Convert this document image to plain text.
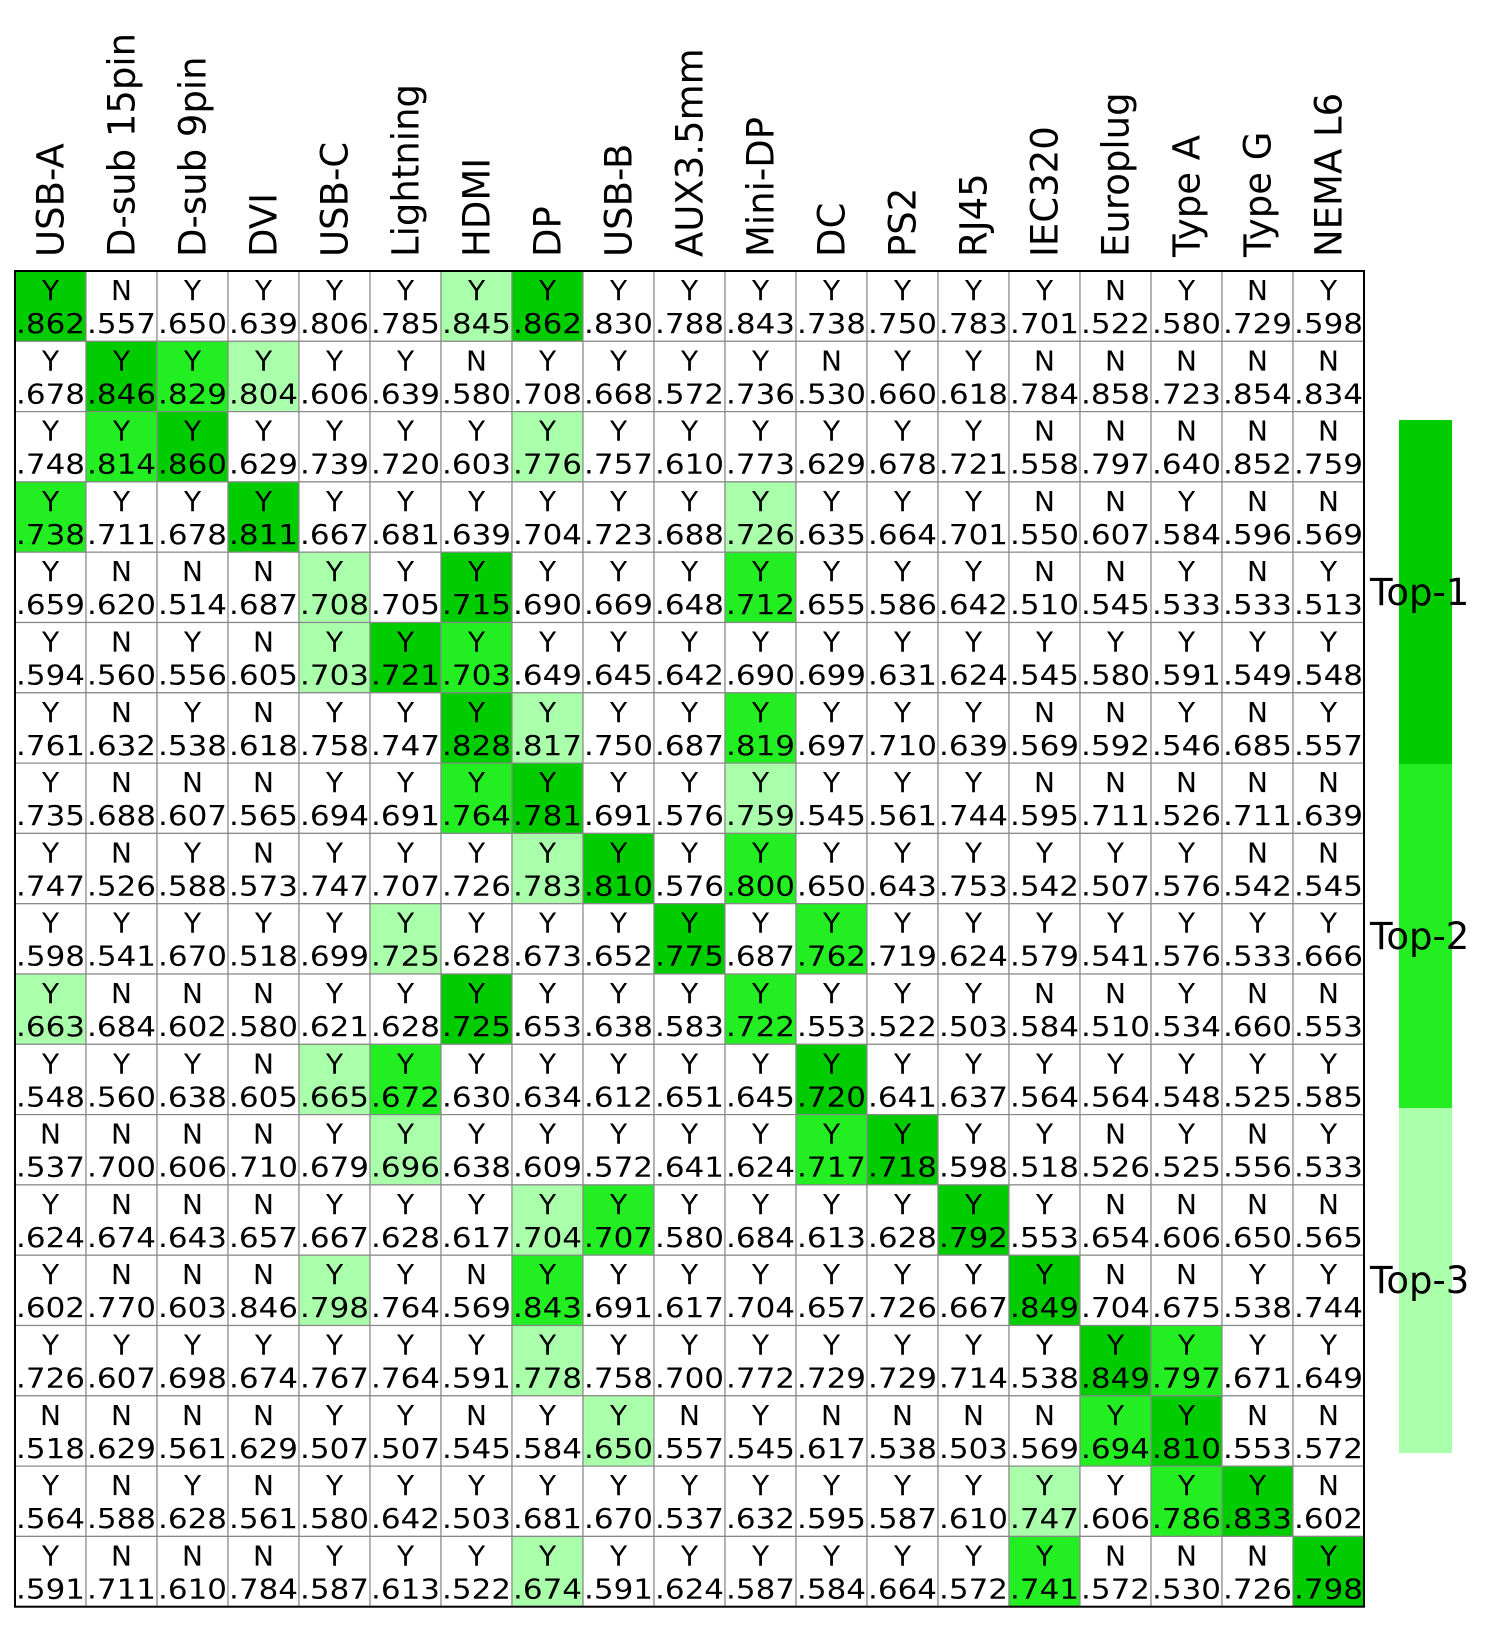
USB-A D-sub 15pin D-sub 9pin DVI USB-C Lightning HDMI DP USB-B AUX3.5mm Mini-DP DC PS2 RJ45 IEC320 Europlug Type A Type G NEMA L6
Y
.862
N
.557
Y
.650
Y
.639
Y
.806
Y
.785
Y
.845
Y
.862
Y
.830
Y
.788
Y
.843
Y
.738
Y
.750
Y
.783
Y
.701
N
.522
Y
.580
N
.729
Y
.598
Y
.678
Y
.846
Y
.829
Y
.804
Y
.606
Y
.639
N
.580
Y
.708
Y
.668
Y
.572
Y
.736
N
.530
Y
.660
Y
.618
N
.784
N
.858
N
.723
N
.854
N
.834
Y
.748
Y
.814
Y
.860
Y
.629
Y
.739
Y
.720
Y
.603
Y
.776
Y
.757
Y
.610
Y
.773
Y
.629
Y
.678
Y
.721
N
.558
N
.797
N
.640
N
.852
N
.759
Y
.738
Y
.711
Y
.678
Y
.811
Y
.667
Y
.681
Y
.639
Y
.704
Y
.723
Y
.688
Y
.726
Y
.635
Y
.664
Y
.701
N
.550
N
.607
Y
.584
N
.596
N
.569
Y
.659
N
.620
N
.514
N
.687
Y
.708
Y
.705
Y
.715
Y
.690
Y
.669
Y
.648
Y
.712
Y
.655
Y
.586
Y
.642
N
.510
N
.545
Y
.533
N
.533
Y
.513
Y
.594
N
.560
Y
.556
N
.605
Y
.703
Y
.721
Y
.703
Y
.649
Y
.645
Y
.642
Y
.690
Y
.699
Y
.631
Y
.624
Y
.545
Y
.580
Y
.591
Y
.549
Y
.548
Y
.761
N
.632
Y
.538
N
.618
Y
.758
Y
.747
Y
.828
Y
.817
Y
.750
Y
.687
Y
.819
Y
.697
Y
.710
Y
.639
N
.569
N
.592
Y
.546
N
.685
Y
.557
Y
.735
N
.688
N
.607
N
.565
Y
.694
Y
.691
Y
.764
Y
.781
Y
.691
Y
.576
Y
.759
Y
.545
Y
.561
Y
.744
N
.595
N
.711
N
.526
N
.711
N
.639
Y
.747
N
.526
Y
.588
N
.573
Y
.747
Y
.707
Y
.726
Y
.783
Y
.810
Y
.576
Y
.800
Y
.650
Y
.643
Y
.753
Y
.542
Y
.507
Y
.576
N
.542
N
.545
Y
.598
Y
.541
Y
.670
Y
.518
Y
.699
Y
.725
Y
.628
Y
.673
Y
.652
Y
.775
Y
.687
Y
.762
Y
.719
Y
.624
Y
.579
Y
.541
Y
.576
Y
.533
Y
.666
Y
.663
N
.684
N
.602
N
.580
Y
.621
Y
.628
Y
.725
Y
.653
Y
.638
Y
.583
Y
.722
Y
.553
Y
.522
Y
.503
N
.584
N
.510
Y
.534
N
.660
N
.553
Y
.548
Y
.560
Y
.638
N
.605
Y
.665
Y
.672
Y
.630
Y
.634
Y
.612
Y
.651
Y
.645
Y
.720
Y
.641
Y
.637
Y
.564
Y
.564
Y
.548
Y
.525
Y
.585
N
.537
N
.700
N
.606
N
.710
Y
.679
Y
.696
Y
.638
Y
.609
Y
.572
Y
.641
Y
.624
Y
.717
Y
.718
Y
.598
Y
.518
N
.526
Y
.525
N
.556
Y
.533
Y
.624
N
.674
N
.643
N
.657
Y
.667
Y
.628
Y
.617
Y
.704
Y
.707
Y
.580
Y
.684
Y
.613
Y
.628
Y
.792
Y
.553
N
.654
N
.606
N
.650
N
.565
Y
.602
N
.770
N
.603
N
.846
Y
.798
Y
.764
N
.569
Y
.843
Y
.691
Y
.617
Y
.704
Y
.657
Y
.726
Y
.667
Y
.849
N
.704
N
.675
Y
.538
Y
.744
Y
.726
Y
.607
Y
.698
Y
.674
Y
.767
Y
.764
Y
.591
Y
.778
Y
.758
Y
.700
Y
.772
Y
.729
Y
.729
Y
.714
Y
.538
Y
.849
Y
.797
Y
.671
Y
.649
N
.518
N
.629
N
.561
N
.629
Y
.507
Y
.507
N
.545
Y
.584
Y
.650
N
.557
Y
.545
N
.617
N
.538
N
.503
N
.569
Y
.694
Y
.810
N
.553
N
.572
Y
.564
N
.588
Y
.628
N
.561
Y
.580
Y
.642
Y
.503
Y
.681
Y
.670
Y
.537
Y
.632
Y
.595
Y
.587
Y
.610
Y
.747
Y
.606
Y
.786
Y
.833
N
.602
Y
.591
N
.711
N
.610
N
.784
Y
.587
Y
.613
Y
.522
Y
.674
Y
.591
Y
.624
Y
.587
Y
.584
Y
.664
Y
.572
Y
.741
N
.572
N
.530
N
.726
Y
.798
Top-1
Top-2
Top-3
